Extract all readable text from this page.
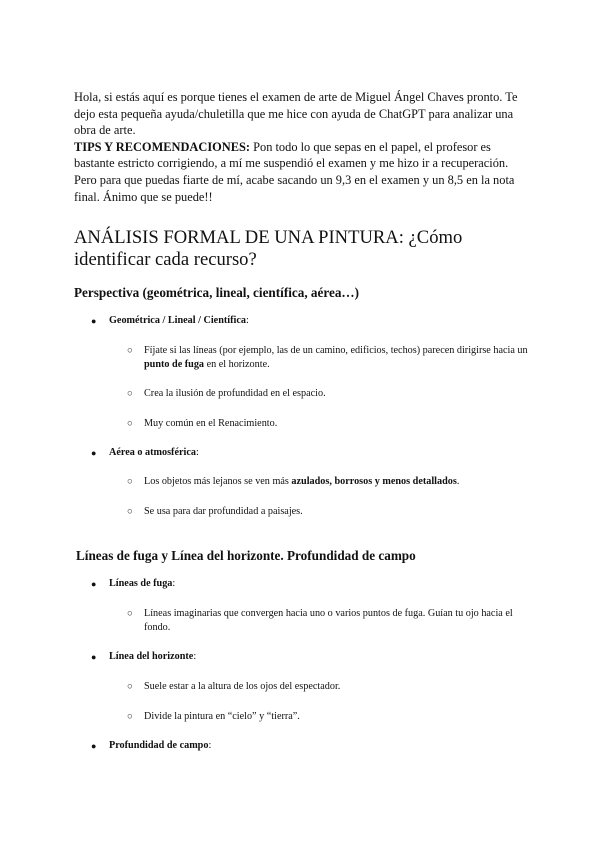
Hola, si estás aquí es porque tienes el examen de arte de Miguel Ángel Chaves pronto. Te dejo esta pequeña ayuda/chuletilla que me hice con ayuda de ChatGPT para analizar una obra de arte.

TIPS Y RECOMENDACIONES: Pon todo lo que sepas en el papel, el profesor es bastante estricto corrigiendo, a mí me suspendió el examen y me hizo ir a recuperación. Pero para que puedas fiarte de mí, acabe sacando un 9,3 en el examen y un 8,5 en la nota final. Ánimo que se puede!!

ANÁLISIS FORMAL DE UNA PINTURA: ¿Cómo identificar cada recurso?
Perspectiva (geométrica, lineal, científica, aérea…)
● Geométrica / Lineal / Científica:
○ Fíjate si las líneas (por ejemplo, las de un camino, edificios, techos) parecen dirigirse hacia un punto de fuga en el horizonte.
○ Crea la ilusión de profundidad en el espacio.
○ Muy común en el Renacimiento.
● Aérea o atmosférica:
○ Los objetos más lejanos se ven más azulados, borrosos y menos detallados.
○ Se usa para dar profundidad a paisajes.
Líneas de fuga y Línea del horizonte. Profundidad de campo
● Líneas de fuga:
○ Líneas imaginarias que convergen hacia uno o varios puntos de fuga. Guían tu ojo hacia el fondo.
● Línea del horizonte:
○ Suele estar a la altura de los ojos del espectador.
○ Divide la pintura en “cielo” y “tierra”.
● Profundidad de campo:
